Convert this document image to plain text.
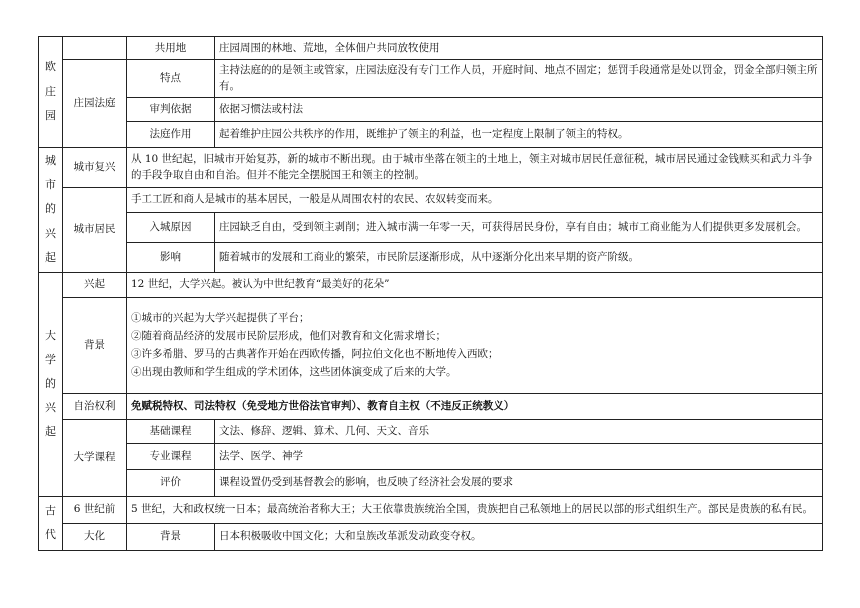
欧
庄
园		共用地	庄园周围的林地、荒地，全体佃户共同放牧使用
	庄园法庭	特点	主持法庭的的是领主或管家，庄园法庭没有专门工作人员，开庭时间、地点不固定；惩罚手段通常是处以罚金，罚金全部归领主所有。
		审判依据	依据习惯法或村法
		法庭作用	起着维护庄园公共秩序的作用，既维护了领主的利益，也一定程度上限制了领主的特权。

城
市
的
兴
起	城市复兴	从 10 世纪起，旧城市开始复苏，新的城市不断出现。由于城市坐落在领主的土地上，领主对城市居民任意征税，城市居民通过金钱赎买和武力斗争的手段争取自由和自治。但并不能完全摆脱国王和领主的控制。	
	城市居民	手工工匠和商人是城市的基本居民，一般是从周围农村的农民、农奴转变而来。	
		入城原因	庄园缺乏自由，受到领主剥削；进入城市满一年零一天，可获得居民身份，享有自由；城市工商业能为人们提供更多发展机会。
		影响	随着城市的发展和工商业的繁荣，市民阶层逐渐形成，从中逐渐分化出来早期的资产阶级。

大
学
的
兴
起	兴起	12 世纪，大学兴起。被认为中世纪教育“最美好的花朵”	
	背景	①城市的兴起为大学兴起提供了平台；
②随着商品经济的发展市民阶层形成，他们对教育和文化需求增长；
③许多希腊、罗马的古典著作开始在西欧传播，阿拉伯文化也不断地传入西欧；
④出现由教师和学生组成的学术团体，这些团体演变成了后来的大学。	
	自治权利	免赋税特权、司法特权（免受地方世俗法官审判）、教育自主权（不违反正统教义）	
	大学课程	基础课程	文法、修辞、逻辑、算术、几何、天文、音乐
		专业课程	法学、医学、神学
		评价	课程设置仍受到基督教会的影响，也反映了经济社会发展的要求

古
代	6 世纪前	5 世纪，大和政权统一日本；最高统治者称大王；大王依靠贵族统治全国，贵族把自己私领地上的居民以部的形式组织生产。部民是贵族的私有民。	
	大化	背景	日本积极吸收中国文化；大和皇族改革派发动政变夺权。
